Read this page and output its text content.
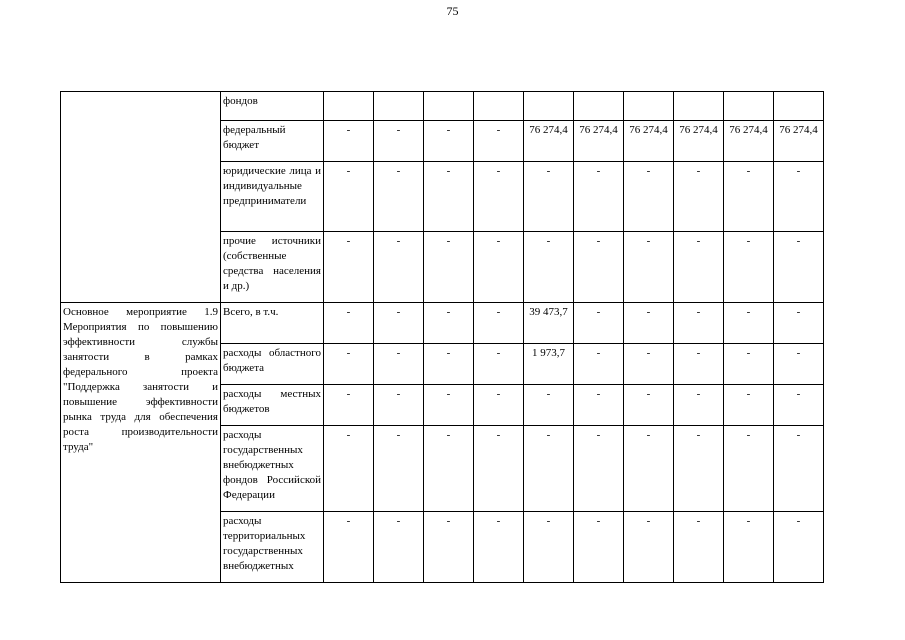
75
	фондов										
	федеральный бюджет	-	-	-	-	76 274,4	76 274,4	76 274,4	76 274,4	76 274,4	76 274,4
	юридические лица и индивидуальные предприниматели	-	-	-	-	-	-	-	-	-	-
	прочие источники (собственные средства населения и др.)	-	-	-	-	-	-	-	-	-	-
Основное мероприятие 1.9 Мероприятия по повышению эффективности службы занятости в рамках федерального проекта "Поддержка занятости и повышение эффективности рынка труда для обеспечения роста производительности труда"	Всего, в т.ч.	-	-	-	-	39 473,7	-	-	-	-	-
	расходы областного бюджета	-	-	-	-	1 973,7	-	-	-	-	-
	расходы местных бюджетов	-	-	-	-	-	-	-	-	-	-
	расходы государственных внебюджетных фондов Российской Федерации	-	-	-	-	-	-	-	-	-	-
	расходы территориальных государственных внебюджетных	-	-	-	-	-	-	-	-	-	-
